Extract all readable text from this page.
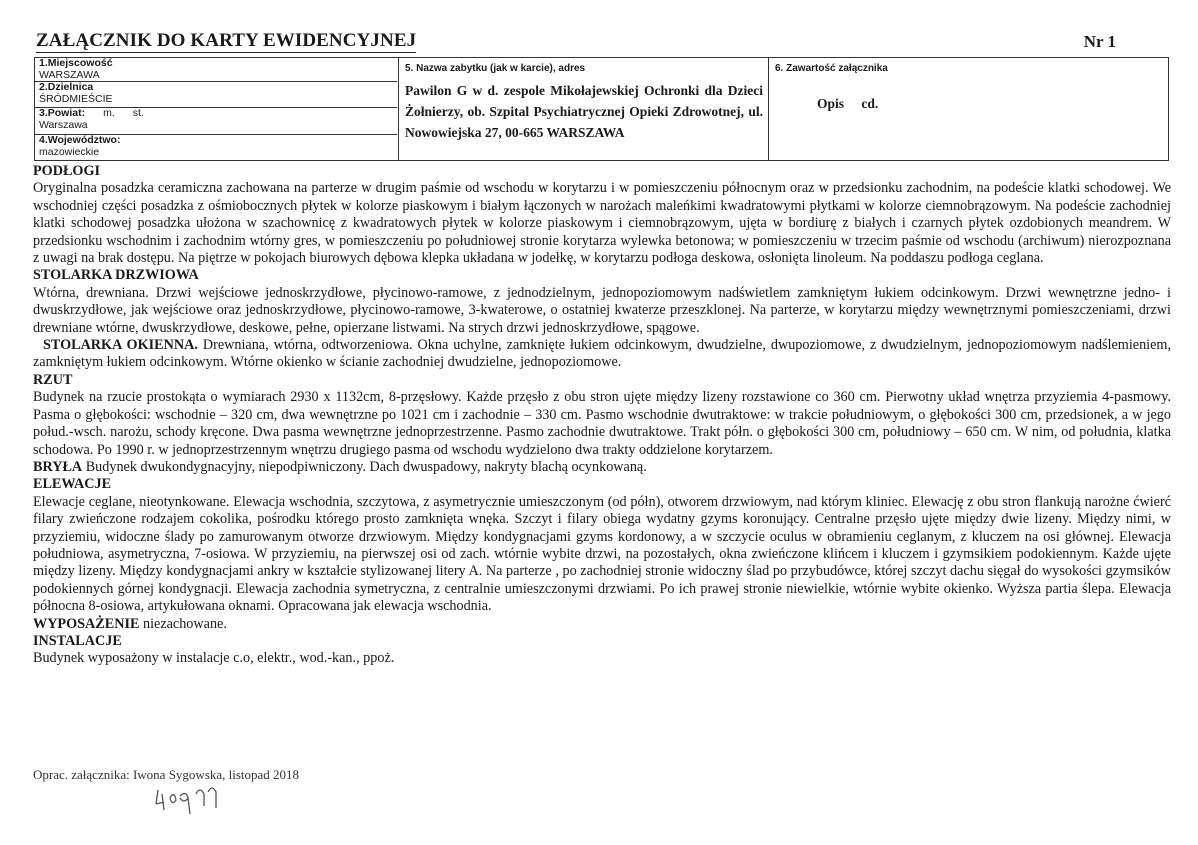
ZAŁĄCZNIK DO KARTY EWIDENCYJNEJ	Nr 1
1.Miejscowość
WARSZAWA
2.Dzielnica
ŚRÓDMIEŚCIE
3.Powiat: m. st.
Warszawa
4.Województwo:
mazowieckie
5. Nazwa zabytku (jak w karcie), adres
Pawilon G w d. zespole Mikołajewskiej Ochronki dla Dzieci Żołnierzy, ob. Szpital Psychiatrycznej Opieki Zdrowotnej, ul. Nowowiejska 27, 00-665 WARSZAWA
6. Zawartość załącznika
Opis cd.

PODŁOGI

Oryginalna posadzka ceramiczna zachowana na parterze w drugim paśmie od wschodu w korytarzu i w pomieszczeniu północnym oraz w przedsionku zachodnim, na podeście klatki schodowej. We wschodniej części posadzka z ośmiobocznych płytek w kolorze piaskowym i białym łączonych w narożach maleńkimi kwadratowymi płytkami w kolorze ciemnobrązowym. Na podeście zachodniej klatki schodowej posadzka ułożona w szachownicę z kwadratowych płytek w kolorze piaskowym i ciemnobrązowym, ujęta w bordiurę z białych i czarnych płytek ozdobionych meandrem. W przedsionku wschodnim i zachodnim wtórny gres, w pomieszczeniu po południowej stronie korytarza wylewka betonowa; w pomieszczeniu w trzecim paśmie od wschodu (archiwum) nierozpoznana z uwagi na brak dostępu. Na piętrze w pokojach biurowych dębowa klepka układana w jodełkę, w korytarzu podłoga deskowa, osłonięta linoleum. Na poddaszu podłoga ceglana.

STOLARKA DRZWIOWA

Wtórna, drewniana. Drzwi wejściowe jednoskrzydłowe, płycinowo-ramowe, z jednodzielnym, jednopoziomowym nadświetlem zamkniętym łukiem odcinkowym. Drzwi wewnętrzne jedno- i dwuskrzydłowe, jak wejściowe oraz jednoskrzydłowe, płycinowo-ramowe, 3-kwaterowe, o ostatniej kwaterze przeszklonej. Na parterze, w korytarzu między wewnętrznymi pomieszczeniami, drzwi drewniane wtórne, dwuskrzydłowe, deskowe, pełne, opierzane listwami. Na strych drzwi jednoskrzydłowe, spągowe.

STOLARKA OKIENNA. Drewniana, wtórna, odtworzeniowa. Okna uchylne, zamknięte łukiem odcinkowym, dwudzielne, dwupoziomowe, z dwudzielnym, jednopoziomowym nadślemieniem, zamkniętym łukiem odcinkowym. Wtórne okienko w ścianie zachodniej dwudzielne, jednopoziomowe.

RZUT

Budynek na rzucie prostokąta o wymiarach 2930 x 1132cm, 8-przęsłowy. Każde przęsło z obu stron ujęte między lizeny rozstawione co 360 cm. Pierwotny układ wnętrza przyziemia 4-pasmowy. Pasma o głębokości: wschodnie – 320 cm, dwa wewnętrzne po 1021 cm i zachodnie – 330 cm. Pasmo wschodnie dwutraktowe: w trakcie południowym, o głębokości 300 cm, przedsionek, a w jego połud.-wsch. narożu, schody kręcone. Dwa pasma wewnętrzne jednoprzestrzenne. Pasmo zachodnie dwutraktowe. Trakt półn. o głębokości 300 cm, południowy – 650 cm. W nim, od południa, klatka schodowa. Po 1990 r. w jednoprzestrzennym wnętrzu drugiego pasma od wschodu wydzielono dwa trakty oddzielone korytarzem.

BRYŁA Budynek dwukondygnacyjny, niepodpiwniczony. Dach dwuspadowy, nakryty blachą ocynkowaną.

ELEWACJE

Elewacje ceglane, nieotynkowane. Elewacja wschodnia, szczytowa, z asymetrycznie umieszczonym (od półn), otworem drzwiowym, nad którym kliniec. Elewację z obu stron flankują narożne ćwierć filary zwieńczone rodzajem cokolika, pośrodku którego prosto zamknięta wnęka. Szczyt i filary obiega wydatny gzyms koronujący. Centralne przęsło ujęte między dwie lizeny. Między nimi, w przyziemiu, widoczne ślady po zamurowanym otworze drzwiowym. Między kondygnacjami gzyms kordonowy, a w szczycie oculus w obramieniu ceglanym, z kluczem na osi głównej. Elewacja południowa, asymetryczna, 7-osiowa. W przyziemiu, na pierwszej osi od zach. wtórnie wybite drzwi, na pozostałych, okna zwieńczone klińcem i kluczem i gzymsikiem podokiennym. Każde ujęte między lizeny. Między kondygnacjami ankry w kształcie stylizowanej litery A. Na parterze , po zachodniej stronie widoczny ślad po przybudówce, której szczyt dachu sięgał do wysokości gzymsików podokiennych górnej kondygnacji. Elewacja zachodnia symetryczna, z centralnie umieszczonymi drzwiami. Po ich prawej stronie niewielkie, wtórnie wybite okienko. Wyższa partia ślepa. Elewacja północna 8-osiowa, artykułowana oknami. Opracowana jak elewacja wschodnia.

WYPOSAŻENIE niezachowane.

INSTALACJE

Budynek wyposażony w instalacje c.o, elektr., wod.-kan., ppoż.

Oprac. załącznika: Iwona Sygowska, listopad 2018
